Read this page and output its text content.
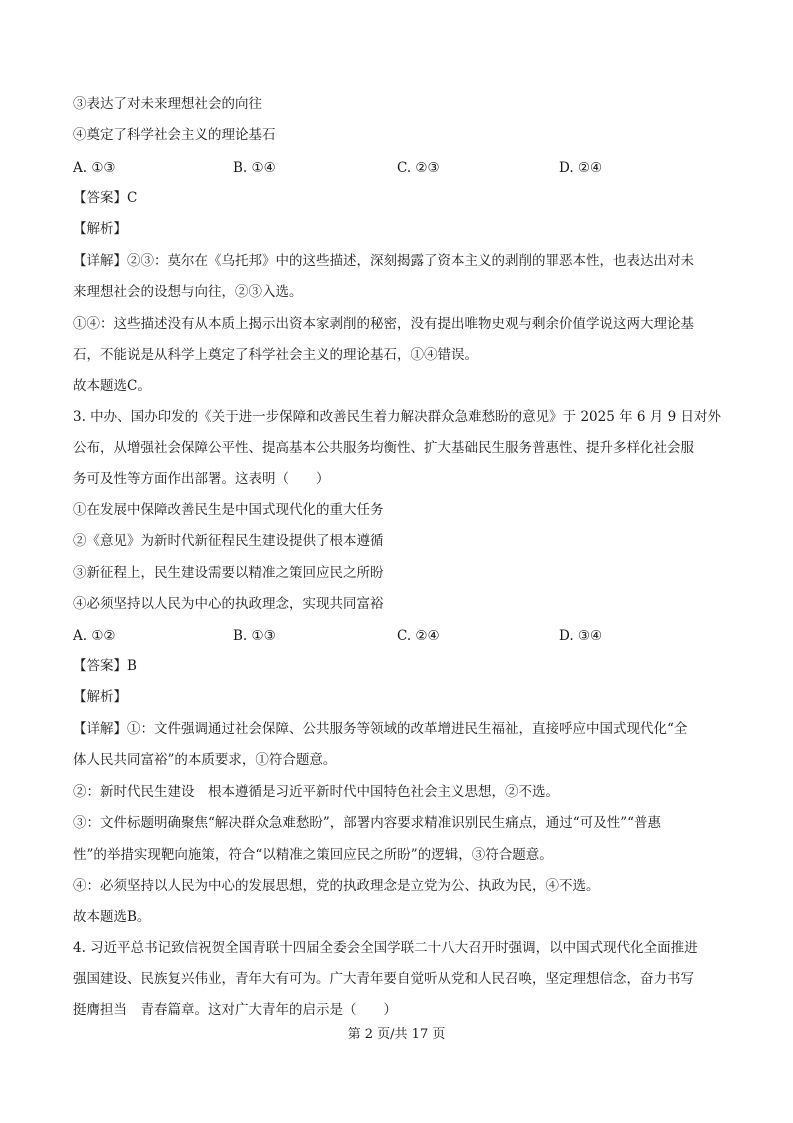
③表达了对未来理想社会的向往
④奠定了科学社会主义的理论基石
A. ①③	B. ①④	C. ②③	D. ②④
【答案】C
【解析】
【详解】②③：莫尔在《乌托邦》中的这些描述，深刻揭露了资本主义的剥削的罪恶本性，也表达出对未
来理想社会的设想与向往，②③入选。
①④：这些描述没有从本质上揭示出资本家剥削的秘密，没有提出唯物史观与剩余价值学说这两大理论基
石，不能说是从科学上奠定了科学社会主义的理论基石，①④错误。
故本题选C。
3. 中办、国办印发的《关于进一步保障和改善民生着力解决群众急难愁盼的意见》于 2025 年 6 月 9 日对外
公布，从增强社会保障公平性、提高基本公共服务均衡性、扩大基础民生服务普惠性、提升多样化社会服
务可及性等方面作出部署。这表明（　　）
①在发展中保障改善民生是中国式现代化的重大任务
②《意见》为新时代新征程民生建设提供了根本遵循
③新征程上，民生建设需要以精准之策回应民之所盼
④必须坚持以人民为中心的执政理念，实现共同富裕
A. ①②	B. ①③	C. ②④	D. ③④
【答案】B
【解析】
【详解】①：文件强调通过社会保障、公共服务等领域的改革增进民生福祉，直接呼应中国式现代化“全
体人民共同富裕”的本质要求，①符合题意。
②：新时代民生建设　根本遵循是习近平新时代中国特色社会主义思想，②不选。
③：文件标题明确聚焦“解决群众急难愁盼”，部署内容要求精准识别民生痛点，通过“可及性”“普惠
性”的举措实现靶向施策，符合“以精准之策回应民之所盼”的逻辑，③符合题意。
④：必须坚持以人民为中心的发展思想，党的执政理念是立党为公、执政为民，④不选。
故本题选B。
4. 习近平总书记致信祝贺全国青联十四届全委会全国学联二十八大召开时强调，以中国式现代化全面推进
强国建设、民族复兴伟业，青年大有可为。广大青年要自觉听从党和人民召唤，坚定理想信念，奋力书写
挺膺担当　青春篇章。这对广大青年的启示是（　　）
第 2 页/共 17 页
